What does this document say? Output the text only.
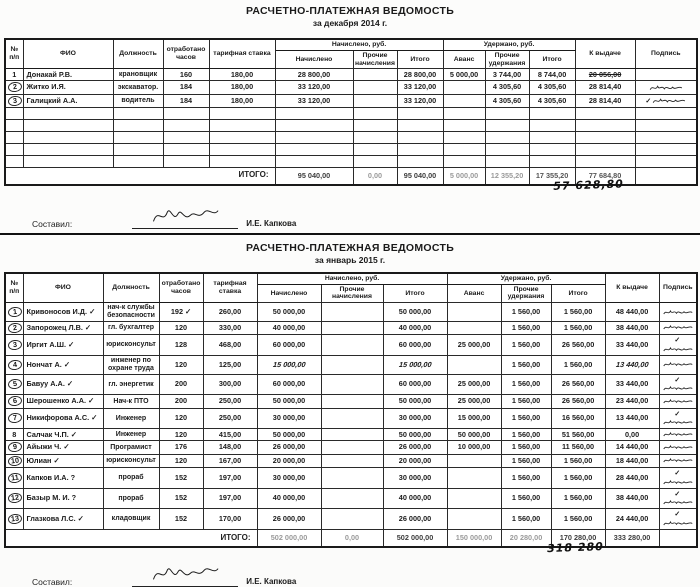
РАСЧЕТНО-ПЛАТЕЖНАЯ ВЕДОМОСТЬ
за декабря 2014 г.
№ п/п	ФИО	Должность	отработано часов	тарифная ставка	Начислено, руб.			Удержано, руб.			К выдаче	Подпись
					Начислено	Прочие начисления	Итого	Аванс	Прочие удержания	Итого		
1	Донакай Р.В.	крановщик	160	180,00	28 800,00		28 800,00	5 000,00	3 744,00	8 744,00	20 056,00	
2	Житко И.Я.	экскаватор.	184	180,00	33 120,00		33 120,00		4 305,60	4 305,60	28 814,40	
3	Галицкий А.А.	водитель	184	180,00	33 120,00		33 120,00		4 305,60	4 305,60	28 814,40	✓

ИТОГО:					95 040,00	0,00	95 040,00	5 000,00	12 355,20	17 355,20	77 684,80	
57 628,80
Составил:	И.Е. Капкова
РАСЧЕТНО-ПЛАТЕЖНАЯ ВЕДОМОСТЬ
за январь 2015 г.
№ п/п	ФИО	Должность	отработано часов	тарифная ставка	Начислено, руб.			Удержано, руб.			К выдаче	Подпись
					Начислено	Прочие начисления	Итого	Аванс	Прочие удержания	Итого		
1	Кривоносов И.Д. ✓	нач-к службы безопасности	192 ✓	260,00	50 000,00		50 000,00		1 560,00	1 560,00	48 440,00	
2	Запорожец Л.В. ✓	гл. бухгалтер	120	330,00	40 000,00		40 000,00		1 560,00	1 560,00	38 440,00	
3	Иргит А.Ш. ✓	юрисконсульт	128	468,00	60 000,00		60 000,00	25 000,00	1 560,00	26 560,00	33 440,00	✓
4	Нончат А. ✓	инженер по охране труда	120	125,00	15 000,00		15 000,00		1 560,00	1 560,00	13 440,00	
5	Бавуу А.А. ✓	гл. энергетик	200	300,00	60 000,00		60 000,00	25 000,00	1 560,00	26 560,00	33 440,00	✓
6	Шерошенко А.А. ✓	Нач-к ПТО	200	250,00	50 000,00		50 000,00	25 000,00	1 560,00	26 560,00	23 440,00	
7	Никифорова А.С. ✓	Инженер	120	250,00	30 000,00		30 000,00	15 000,00	1 560,00	16 560,00	13 440,00	✓
8	Салчак Ч.П. ✓	Инженер	120	415,00	50 000,00		50 000,00	50 000,00	1 560,00	51 560,00	0,00	
9	Айыжи Ч. ✓	Програмист	176	148,00	26 000,00		26 000,00	10 000,00	1 560,00	11 560,00	14 440,00	
10	Юлиан ✓	юрисконсульт	120	167,00	20 000,00		20 000,00		1 560,00	1 560,00	18 440,00	
11	Капков И.А. ?	прораб	152	197,00	30 000,00		30 000,00		1 560,00	1 560,00	28 440,00	✓
12	Базыр М. И. ?	прораб	152	197,00	40 000,00		40 000,00		1 560,00	1 560,00	38 440,00	✓
13	Глазкова Л.С. ✓	кладовщик	152	170,00	26 000,00		26 000,00		1 560,00	1 560,00	24 440,00	✓
ИТОГО:					502 000,00	0,00	502 000,00	150 000,00	20 280,00	170 280,00	333 280,00	
318 280
Составил:	И.Е. Капкова
